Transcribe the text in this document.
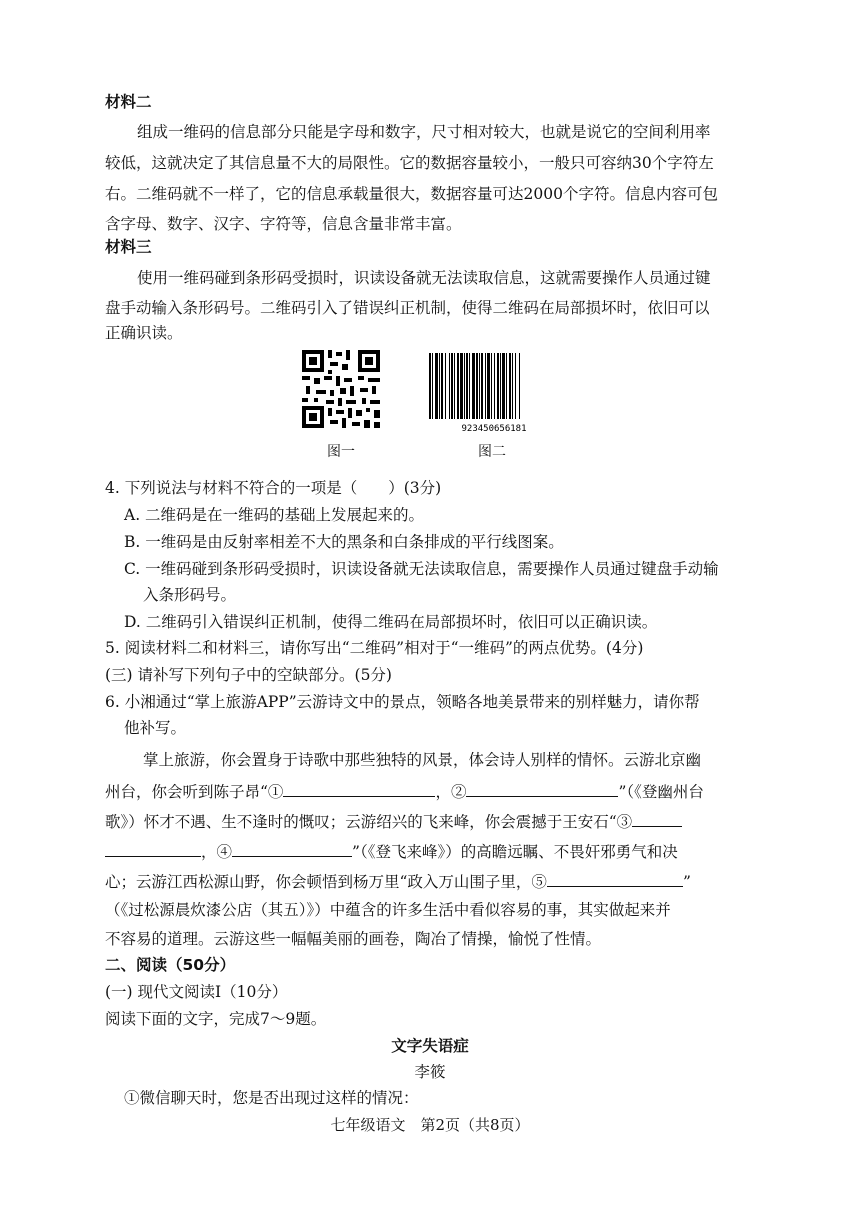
材料二
组成一维码的信息部分只能是字母和数字，尺寸相对较大，也就是说它的空间利用率
较低，这就决定了其信息量不大的局限性。它的数据容量较小，一般只可容纳30个字符左
右。二维码就不一样了，它的信息承载量很大，数据容量可达2000个字符。信息内容可包
含字母、数字、汉字、字符等，信息含量非常丰富。
材料三
使用一维码碰到条形码受损时，识读设备就无法读取信息，这就需要操作人员通过键
盘手动输入条形码号。二维码引入了错误纠正机制，使得二维码在局部损坏时，依旧可以
正确识读。
图一
923450656181
图二
4. 下列说法与材料不符合的一项是（　　）(3分)
A. 二维码是在一维码的基础上发展起来的。
B. 一维码是由反射率相差不大的黑条和白条排成的平行线图案。
C. 一维码碰到条形码受损时，识读设备就无法读取信息，需要操作人员通过键盘手动输
入条形码号。
D. 二维码引入错误纠正机制，使得二维码在局部损坏时，依旧可以正确识读。
5. 阅读材料二和材料三，请你写出“二维码”相对于“一维码”的两点优势。(4分)
(三) 请补写下列句子中的空缺部分。(5分)
6. 小湘通过“掌上旅游APP”云游诗文中的景点，领略各地美景带来的别样魅力，请你帮
他补写。
掌上旅游，你会置身于诗歌中那些独特的风景，体会诗人别样的情怀。云游北京幽
州台，你会听到陈子昂“①	，②	”（《登幽州台
歌》）怀才不遇、生不逢时的慨叹；云游绍兴的飞来峰，你会震撼于王安石“③
，④	”（《登飞来峰》）的高瞻远瞩、不畏奸邪勇气和决
心；云游江西松源山野，你会顿悟到杨万里“政入万山围子里，⑤	”
（《过松源晨炊漆公店（其五）》）中蕴含的许多生活中看似容易的事，其实做起来并
不容易的道理。云游这些一幅幅美丽的画卷，陶冶了情操，愉悦了性情。
二、阅读（50分）
(一) 现代文阅读Ⅰ（10分）
阅读下面的文字，完成7～9题。
文字失语症
李筱
①微信聊天时，您是否出现过这样的情况：
七年级语文　第2页（共8页）
